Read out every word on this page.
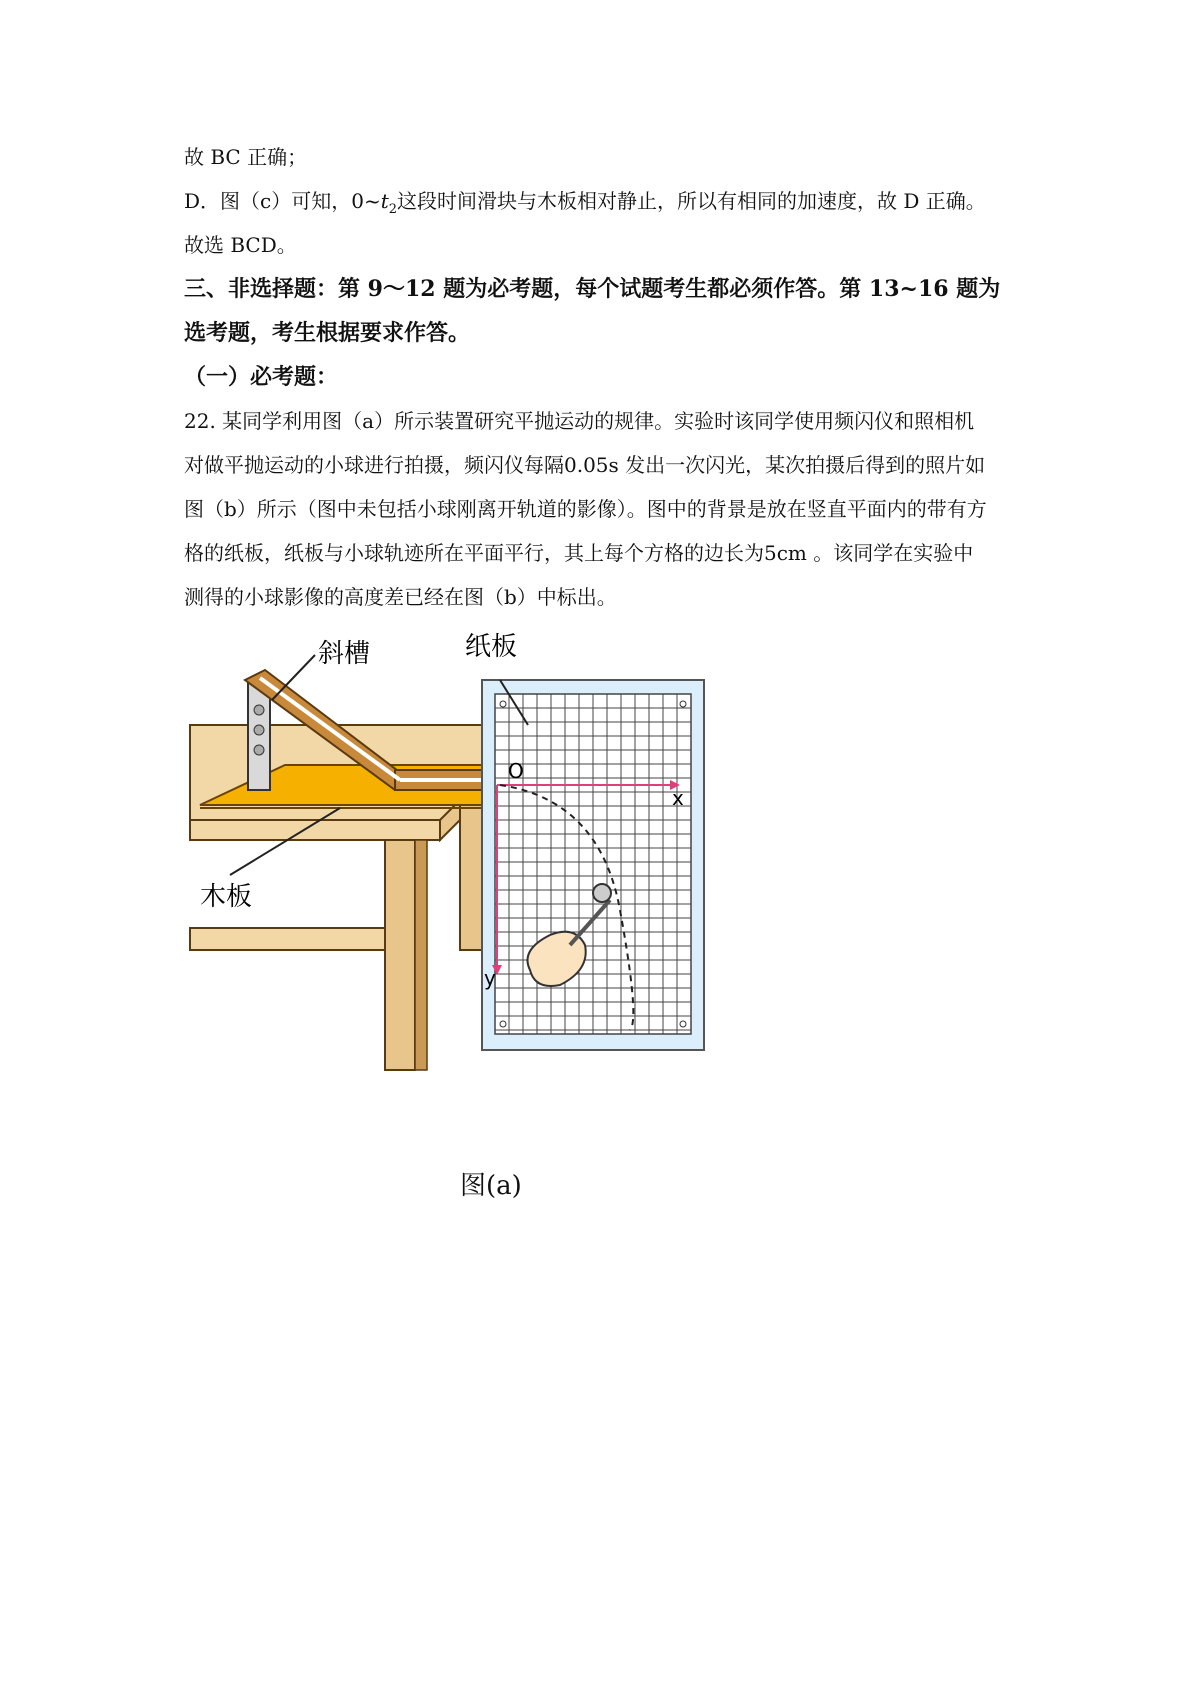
故 BC 正确；
D．图（c）可知，$0\sim t_2$这段时间滑块与木板相对静止，所以有相同的加速度，故 D 正确。
故选 BCD。
三、非选择题：第 9～12 题为必考题，每个试题考生都必须作答。第 13~16 题为
选考题，考生根据要求作答。
（一）必考题：
22. 某同学利用图（a）所示装置研究平抛运动的规律。实验时该同学使用频闪仪和照相机
对做平抛运动的小球进行拍摄，频闪仪每隔0.05s 发出一次闪光，某次拍摄后得到的照片如
图（b）所示（图中未包括小球刚离开轨道的影像）。图中的背景是放在竖直平面内的带有方
格的纸板，纸板与小球轨迹所在平面平行，其上每个方格的边长为5cm 。该同学在实验中
测得的小球影像的高度差已经在图（b）中标出。
斜槽	纸板
木板
O
x
y
图(a)
